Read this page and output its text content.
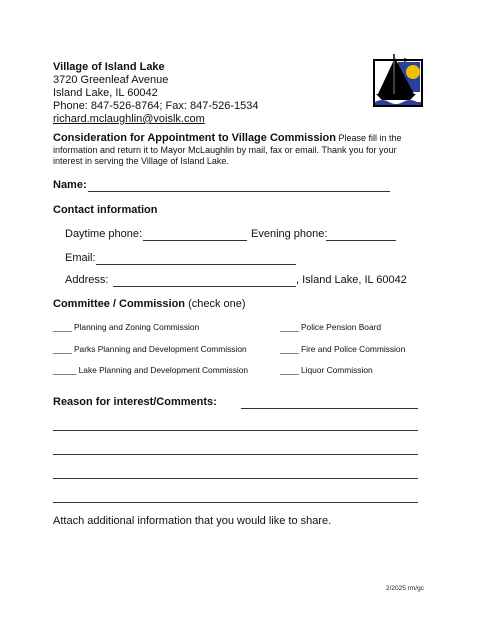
Village of Island Lake
3720 Greenleaf Avenue
Island Lake, IL 60042
Phone: 847-526-8764; Fax: 847-526-1534
richard.mclaughlin@voislk.com
Consideration for Appointment to Village Commission Please fill in the information and return it to Mayor McLaughlin by mail, fax or email. Thank you for your interest in serving the Village of Island Lake.
Name:
Contact information
Daytime phone:	Evening phone:
Email:
Address:	, Island Lake, IL 60042
Committee / Commission (check one)
____ Planning and Zoning Commission
____ Parks Planning and Development Commission
_____ Lake Planning and Development Commission
____ Police Pension Board
____ Fire and Police Commission
____ Liquor Commission
Reason for interest/Comments:
Attach additional information that you would like to share.
2/2025 rm/gc
